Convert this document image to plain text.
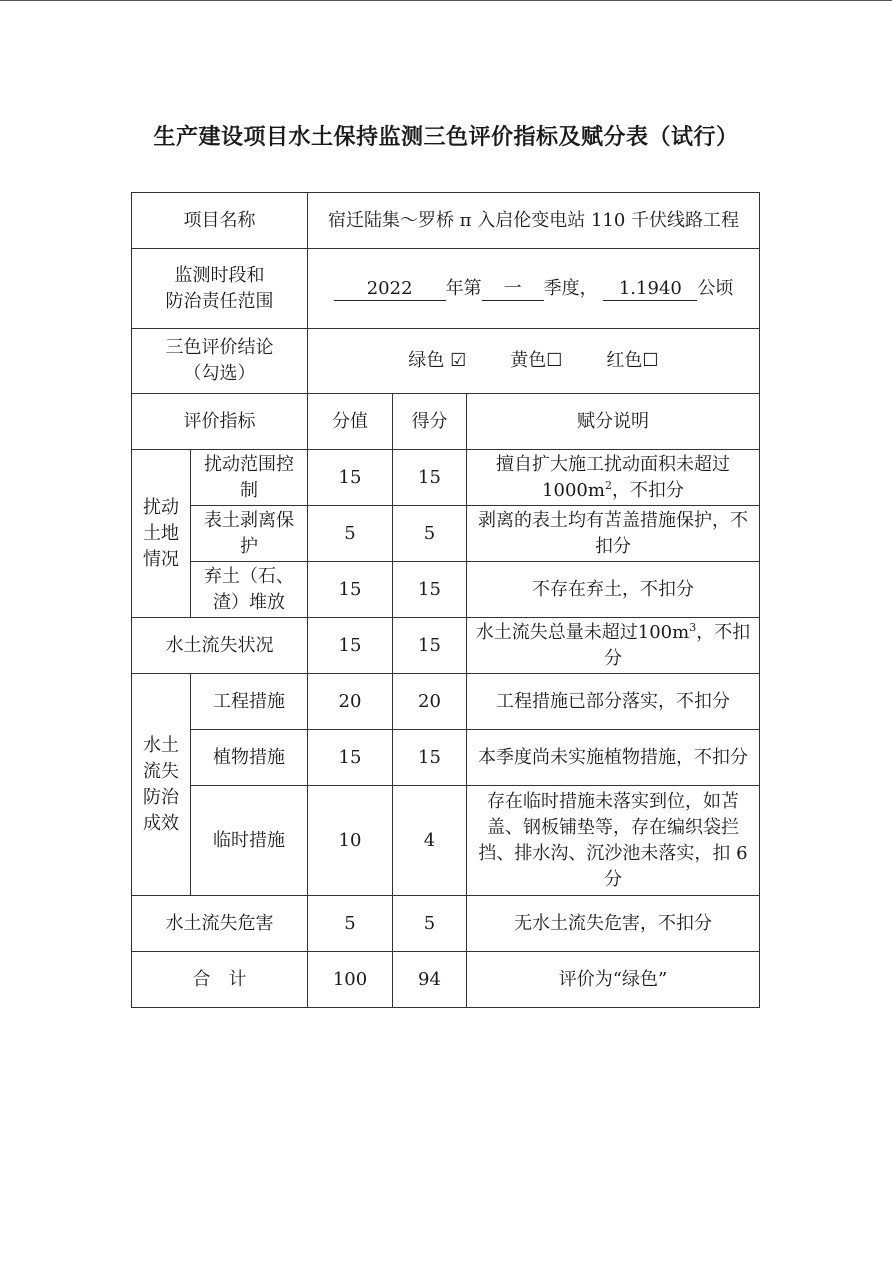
生产建设项目水土保持监测三色评价指标及赋分表（试行）
项目名称		宿迁陆集～罗桥 π 入启伦变电站 110 千伏线路工程		
监测时段和
防治责任范围		2022 年第 一 季度， 1.1940 公顷		
三色评价结论
（勾选）		绿色 ☑ 黄色☐ 红色☐		
评价指标		分值	得分	赋分说明
扰动土地情况	扰动范围控制	15	15	擅自扩大施工扰动面积未超过$1000m^2$，不扣分
	表土剥离保护	5	5	剥离的表土均有苫盖措施保护，不扣分
	弃土（石、渣）堆放	15	15	不存在弃土，不扣分
水土流失状况		15	15	水土流失总量未超过$100m^3$，不扣分
水土流失防治成效	工程措施	20	20	工程措施已部分落实，不扣分
	植物措施	15	15	本季度尚未实施植物措施，不扣分
	临时措施	10	4	存在临时措施未落实到位，如苫盖、钢板铺垫等，存在编织袋拦挡、排水沟、沉沙池未落实，扣 6 分
水土流失危害		5	5	无水土流失危害，不扣分
合　计		100	94	评价为“绿色”
